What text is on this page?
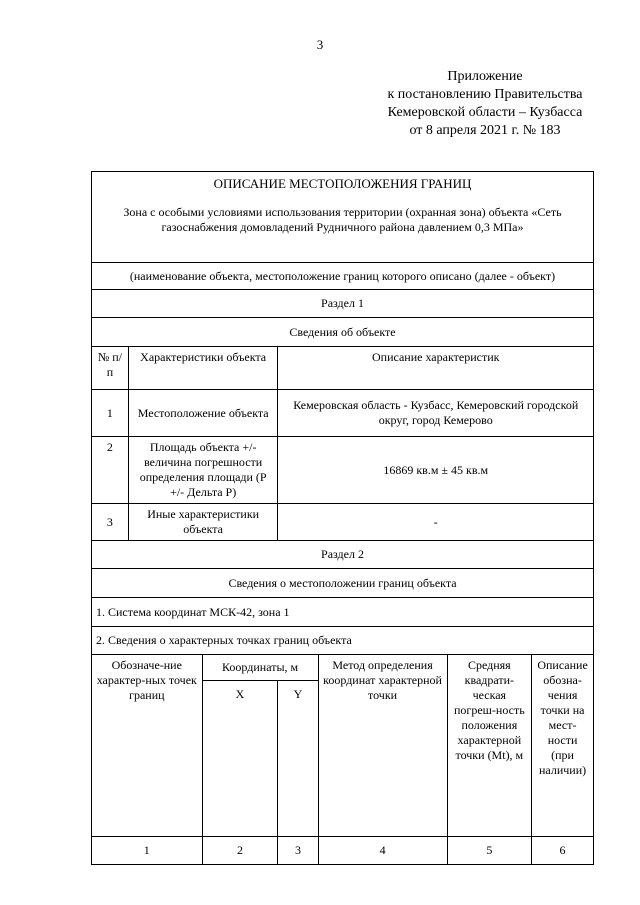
3
Приложение
к постановлению Правительства
Кемеровской области – Кузбасса
от 8 апреля 2021 г. № 183
ОПИСАНИЕ МЕСТОПОЛОЖЕНИЯ ГРАНИЦ
Зона с особыми условиями использования территории (охранная зона) объекта «Сеть газоснабжения домовладений Рудничного района давлением 0,3 МПа»						

(наименование объекта, местоположение границ которого описано (далее - объект)						
Раздел 1						
Сведения об объекте						
№ п/п	Характеристики объекта		Описание характеристик			
1	Местоположение объекта		Кемеровская область - Кузбасс, Кемеровский городской округ, город Кемерово			
2	Площадь объекта +/- величина погрешности определения площади (Р +/- Дельта Р)		16869 кв.м ± 45 кв.м			
3	Иные характеристики объекта		-			
Раздел 2						
Сведения о местоположении границ объекта						
1. Система координат МСК-42, зона 1						
2. Сведения о характерных точках границ объекта						
Обозначе-ние характер-ных точек границ		Координаты, м		Метод определения координат характерной точки	Средняя квадрати-ческая погреш-ность положения характерной точки (Mt), м	Описание обозна-чения точки на мест-ности (при наличии)

		X	Y			

1		2	3	4	5	6
